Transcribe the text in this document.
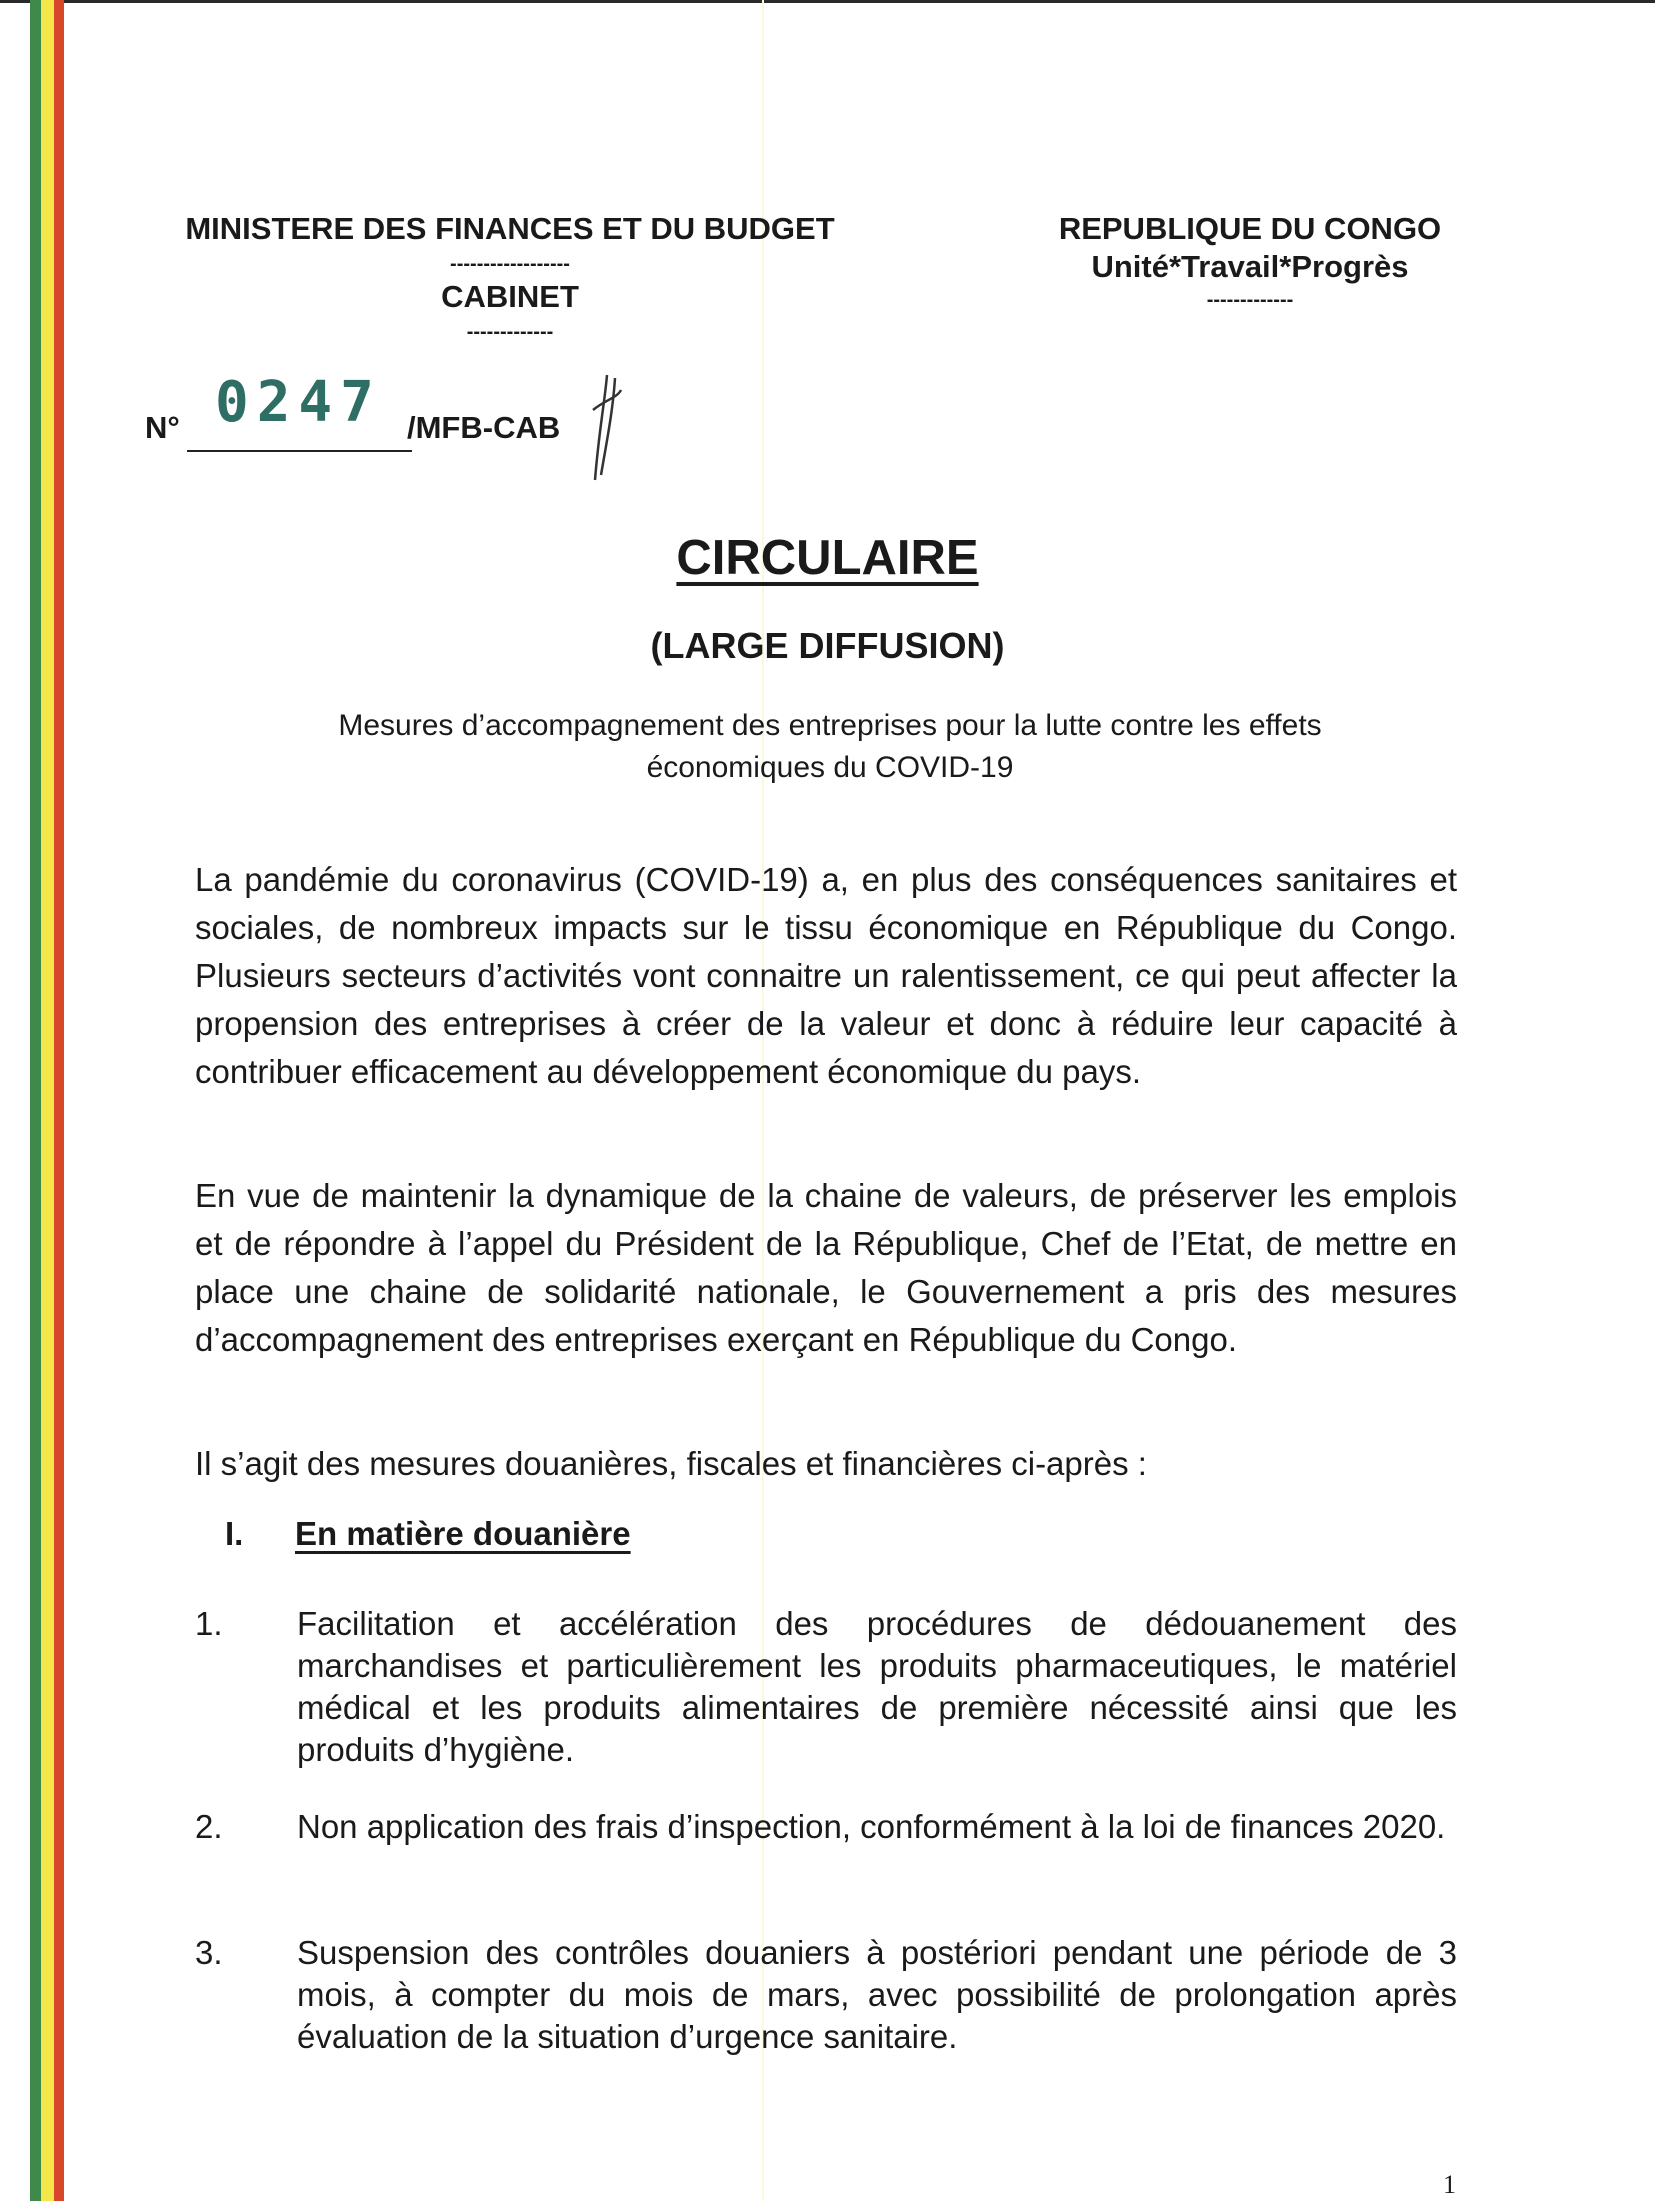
MINISTERE DES FINANCES ET DU BUDGET
------------------
CABINET
-------------
REPUBLIQUE DU CONGO
Unité*Travail*Progrès
-------------
N° 0247 /MFB-CAB
CIRCULAIRE
(LARGE DIFFUSION)
Mesures d’accompagnement des entreprises pour la lutte contre les effets économiques du COVID-19
La pandémie du coronavirus (COVID-19) a, en plus des conséquences sanitaires et sociales, de nombreux impacts sur le tissu économique en République du Congo. Plusieurs secteurs d’activités vont connaitre un ralentissement, ce qui peut affecter la propension des entreprises à créer de la valeur et donc à réduire leur capacité à contribuer efficacement au développement économique du pays.
En vue de maintenir la dynamique de la chaine de valeurs, de préserver les emplois et de répondre à l’appel du Président de la République, Chef de l’Etat, de mettre en place une chaine de solidarité nationale, le Gouvernement a pris des mesures d’accompagnement des entreprises exerçant en République du Congo.
Il s’agit des mesures douanières, fiscales et financières ci-après :
I. En matière douanière
1. Facilitation et accélération des procédures de dédouanement des marchandises et particulièrement les produits pharmaceutiques, le matériel médical et les produits alimentaires de première nécessité ainsi que les produits d’hygiène.
2. Non application des frais d’inspection, conformément à la loi de finances 2020.
3. Suspension des contrôles douaniers à postériori pendant une période de 3 mois, à compter du mois de mars, avec possibilité de prolongation après évaluation de la situation d’urgence sanitaire.
1
